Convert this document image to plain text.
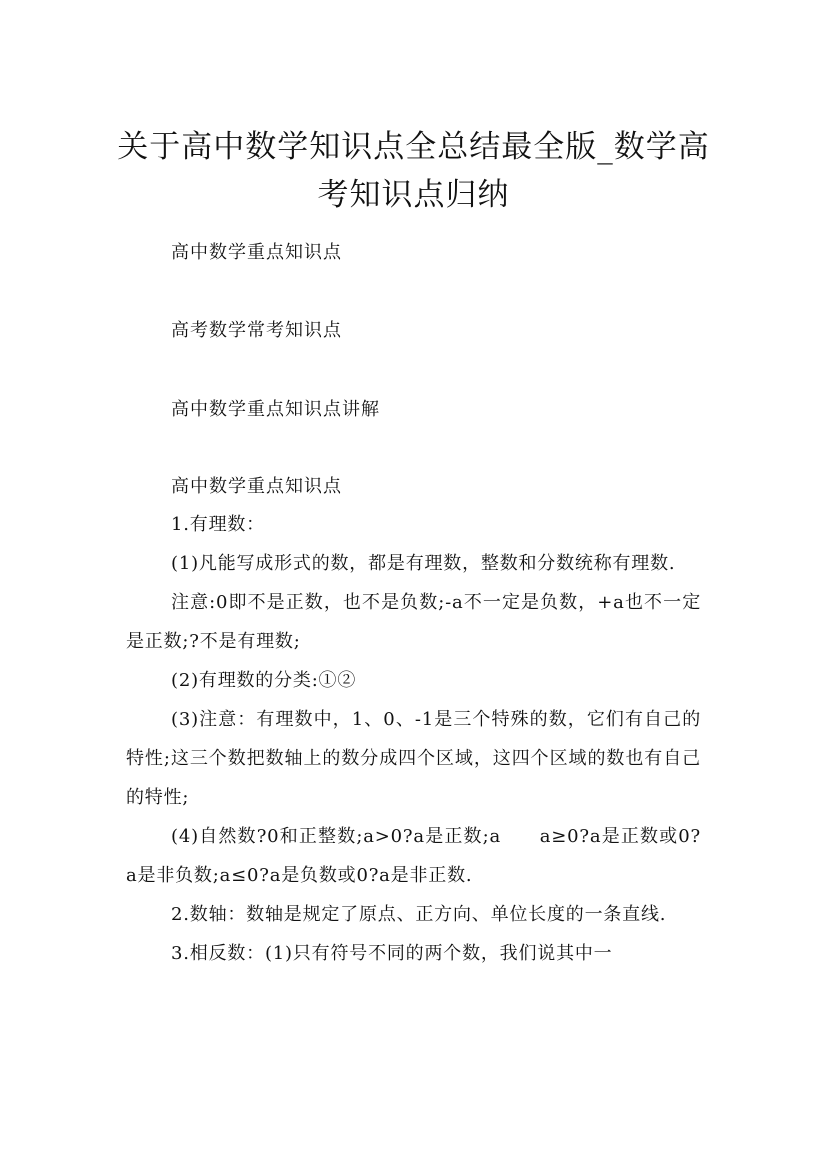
关于高中数学知识点全总结最全版_数学高
考知识点归纳
高中数学重点知识点
高考数学常考知识点
高中数学重点知识点讲解
高中数学重点知识点

1.有理数：

(1)凡能写成形式的数，都是有理数，整数和分数统称有理数.

注意:0即不是正数，也不是负数;-a不一定是负数，+a也不一定是正数;?不是有理数;

(2)有理数的分类:①②

(3)注意：有理数中，1、0、-1是三个特殊的数，它们有自己的特性;这三个数把数轴上的数分成四个区域，这四个区域的数也有自己的特性;

(4)自然数?0和正整数;a>0?a是正数;a　　a≥0?a是正数或0?a是非负数;a≤0?a是负数或0?a是非正数.

2.数轴：数轴是规定了原点、正方向、单位长度的一条直线.

3.相反数：(1)只有符号不同的两个数，我们说其中一
